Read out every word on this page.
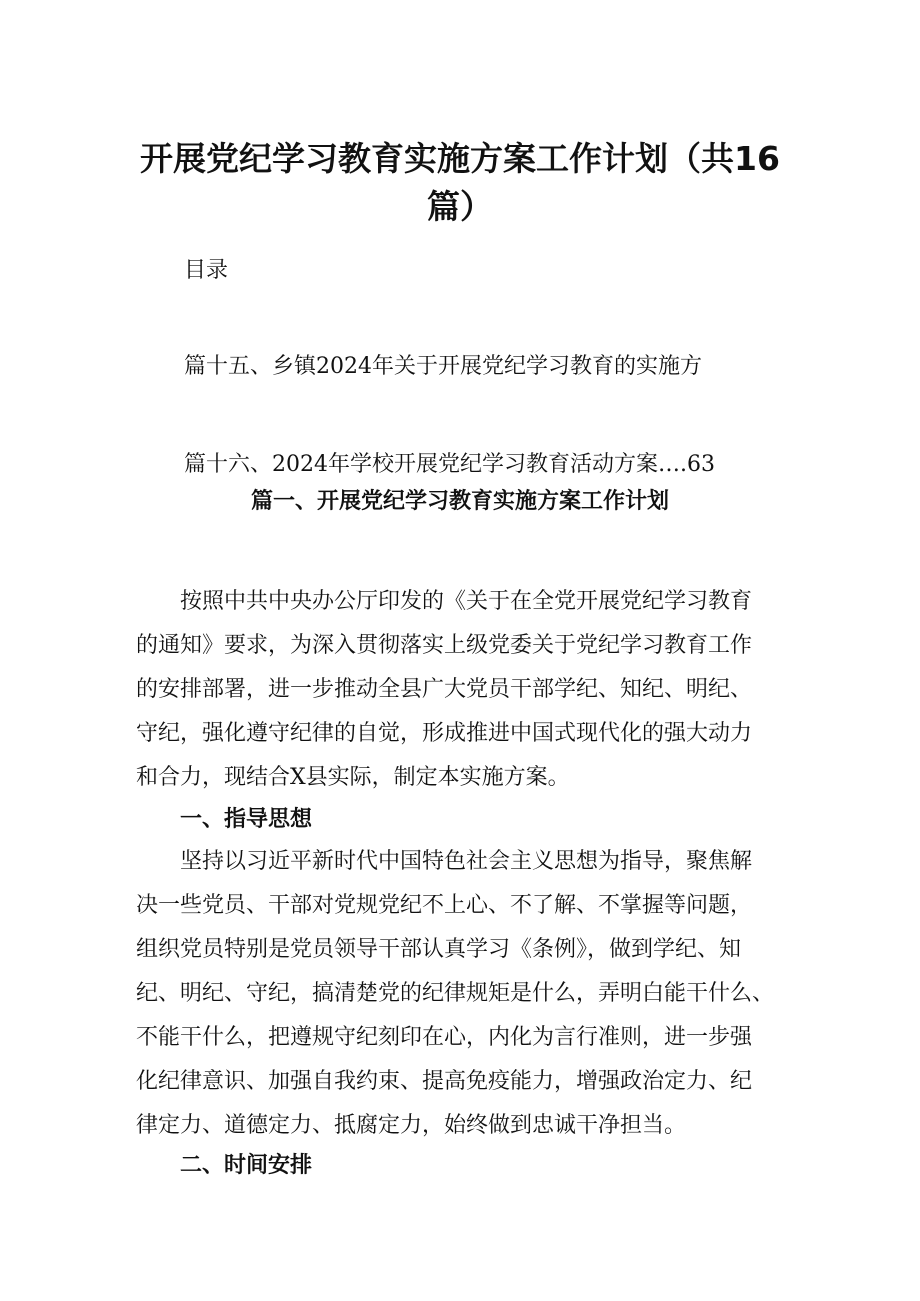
开展党纪学习教育实施方案工作计划（共16
篇）
目录
篇十五、乡镇2024年关于开展党纪学习教育的实施方
篇十六、2024年学校开展党纪学习教育活动方案….63
篇一、开展党纪学习教育实施方案工作计划
按照中共中央办公厅印发的《关于在全党开展党纪学习教育
的通知》要求，为深入贯彻落实上级党委关于党纪学习教育工作
的安排部署，进一步推动全县广大党员干部学纪、知纪、明纪、
守纪，强化遵守纪律的自觉，形成推进中国式现代化的强大动力
和合力，现结合X县实际，制定本实施方案。
一、指导思想
坚持以习近平新时代中国特色社会主义思想为指导，聚焦解
决一些党员、干部对党规党纪不上心、不了解、不掌握等问题，
组织党员特别是党员领导干部认真学习《条例》，做到学纪、知
纪、明纪、守纪，搞清楚党的纪律规矩是什么，弄明白能干什么、
不能干什么，把遵规守纪刻印在心，内化为言行准则，进一步强
化纪律意识、加强自我约束、提高免疫能力，增强政治定力、纪
律定力、道德定力、抵腐定力，始终做到忠诚干净担当。
二、时间安排
